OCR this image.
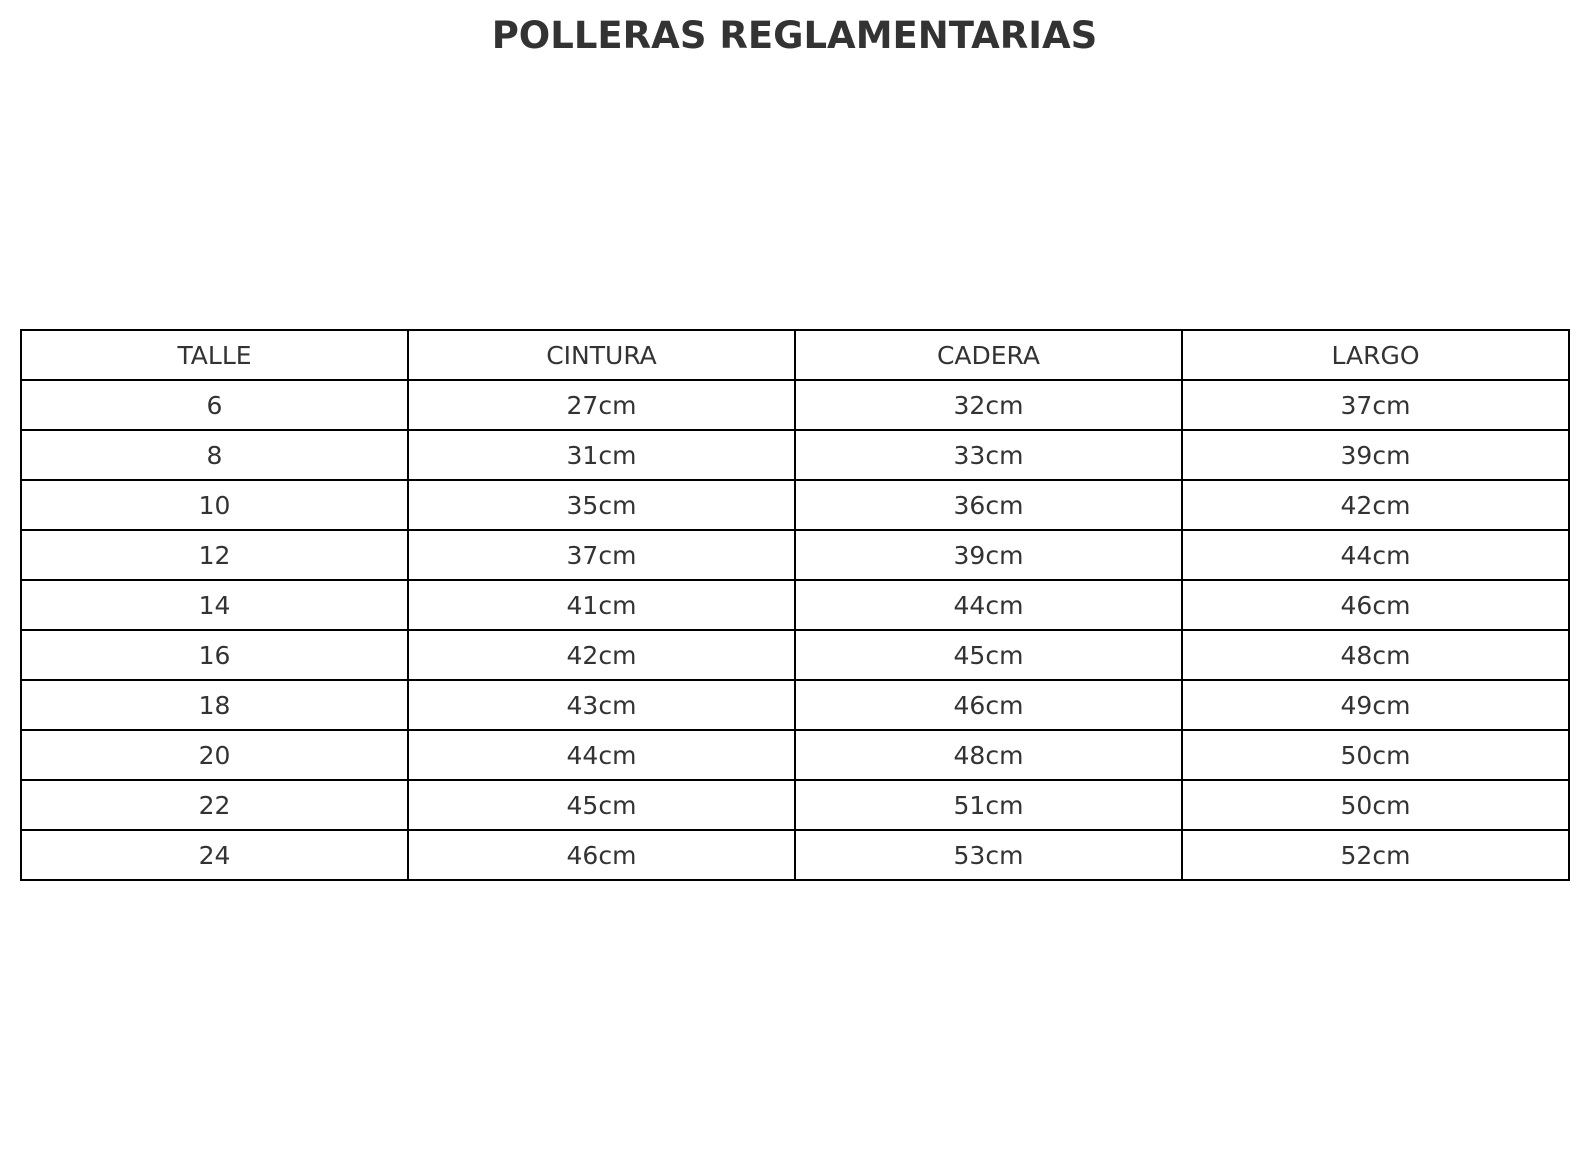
POLLERAS REGLAMENTARIAS
TALLE	CINTURA	CADERA	LARGO
6	27cm	32cm	37cm
8	31cm	33cm	39cm
10	35cm	36cm	42cm
12	37cm	39cm	44cm
14	41cm	44cm	46cm
16	42cm	45cm	48cm
18	43cm	46cm	49cm
20	44cm	48cm	50cm
22	45cm	51cm	50cm
24	46cm	53cm	52cm
